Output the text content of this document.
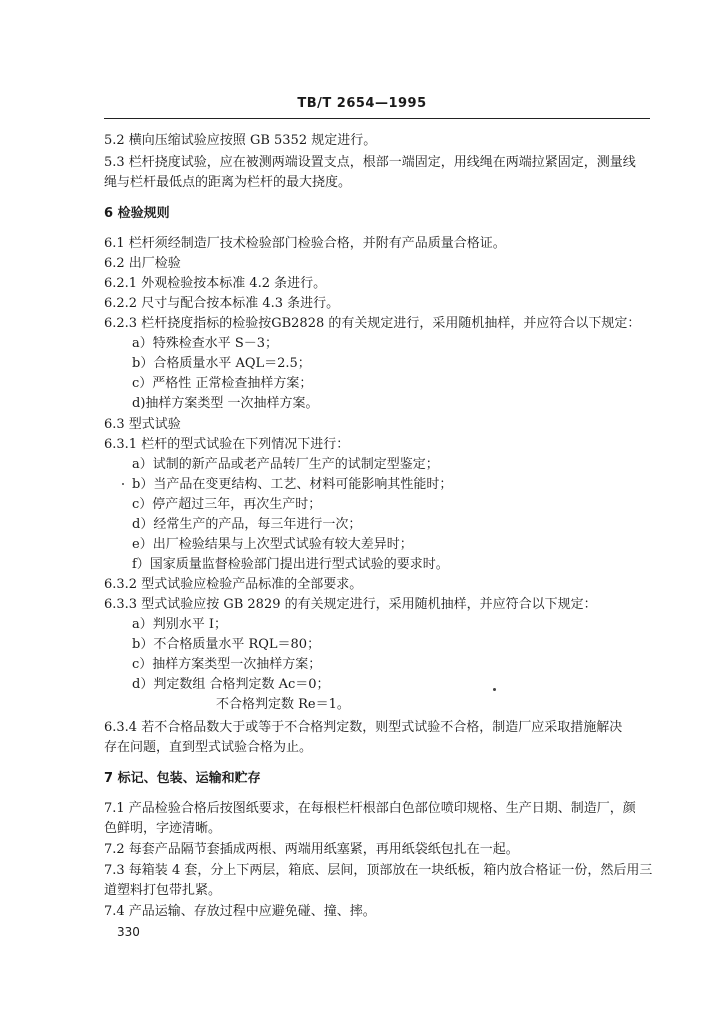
TB/T 2654—1995
5.2 横向压缩试验应按照 GB 5352 规定进行。
5.3 栏杆挠度试验，应在被测两端设置支点，根部一端固定，用线绳在两端拉紧固定，测量线
绳与栏杆最低点的距离为栏杆的最大挠度。
6 检验规则
6.1 栏杆须经制造厂技术检验部门检验合格，并附有产品质量合格证。
6.2 出厂检验
6.2.1 外观检验按本标准 4.2 条进行。
6.2.2 尺寸与配合按本标准 4.3 条进行。
6.2.3 栏杆挠度指标的检验按GB2828 的有关规定进行，采用随机抽样，并应符合以下规定：
a）特殊检查水平 S－3；
b）合格质量水平 AQL＝2.5；
c）严格性 正常检查抽样方案；
d)抽样方案类型 一次抽样方案。
6.3 型式试验
6.3.1 栏杆的型式试验在下列情况下进行：
a）试制的新产品或老产品转厂生产的试制定型鉴定；
b）当产品在变更结构、工艺、材料可能影响其性能时；
c）停产超过三年，再次生产时；
d）经常生产的产品，每三年进行一次；
e）出厂检验结果与上次型式试验有较大差异时；
f）国家质量监督检验部门提出进行型式试验的要求时。
6.3.2 型式试验应检验产品标准的全部要求。
6.3.3 型式试验应按 GB 2829 的有关规定进行，采用随机抽样，并应符合以下规定：
a）判别水平 I；
b）不合格质量水平 RQL＝80；
c）抽样方案类型一次抽样方案；
d）判定数组 合格判定数 Ac＝0；
不合格判定数 Re＝1。
6.3.4 若不合格品数大于或等于不合格判定数，则型式试验不合格，制造厂应采取措施解决
存在问题，直到型式试验合格为止。
7 标记、包装、运输和贮存
7.1 产品检验合格后按图纸要求，在每根栏杆根部白色部位喷印规格、生产日期、制造厂，颜
色鲜明，字迹清晰。
7.2 每套产品隔节套插成两根、两端用纸塞紧，再用纸袋纸包扎在一起。
7.3 每箱装 4 套，分上下两层，箱底、层间，顶部放在一块纸板，箱内放合格证一份，然后用三
道塑料打包带扎紧。
7.4 产品运输、存放过程中应避免碰、撞、摔。
330
